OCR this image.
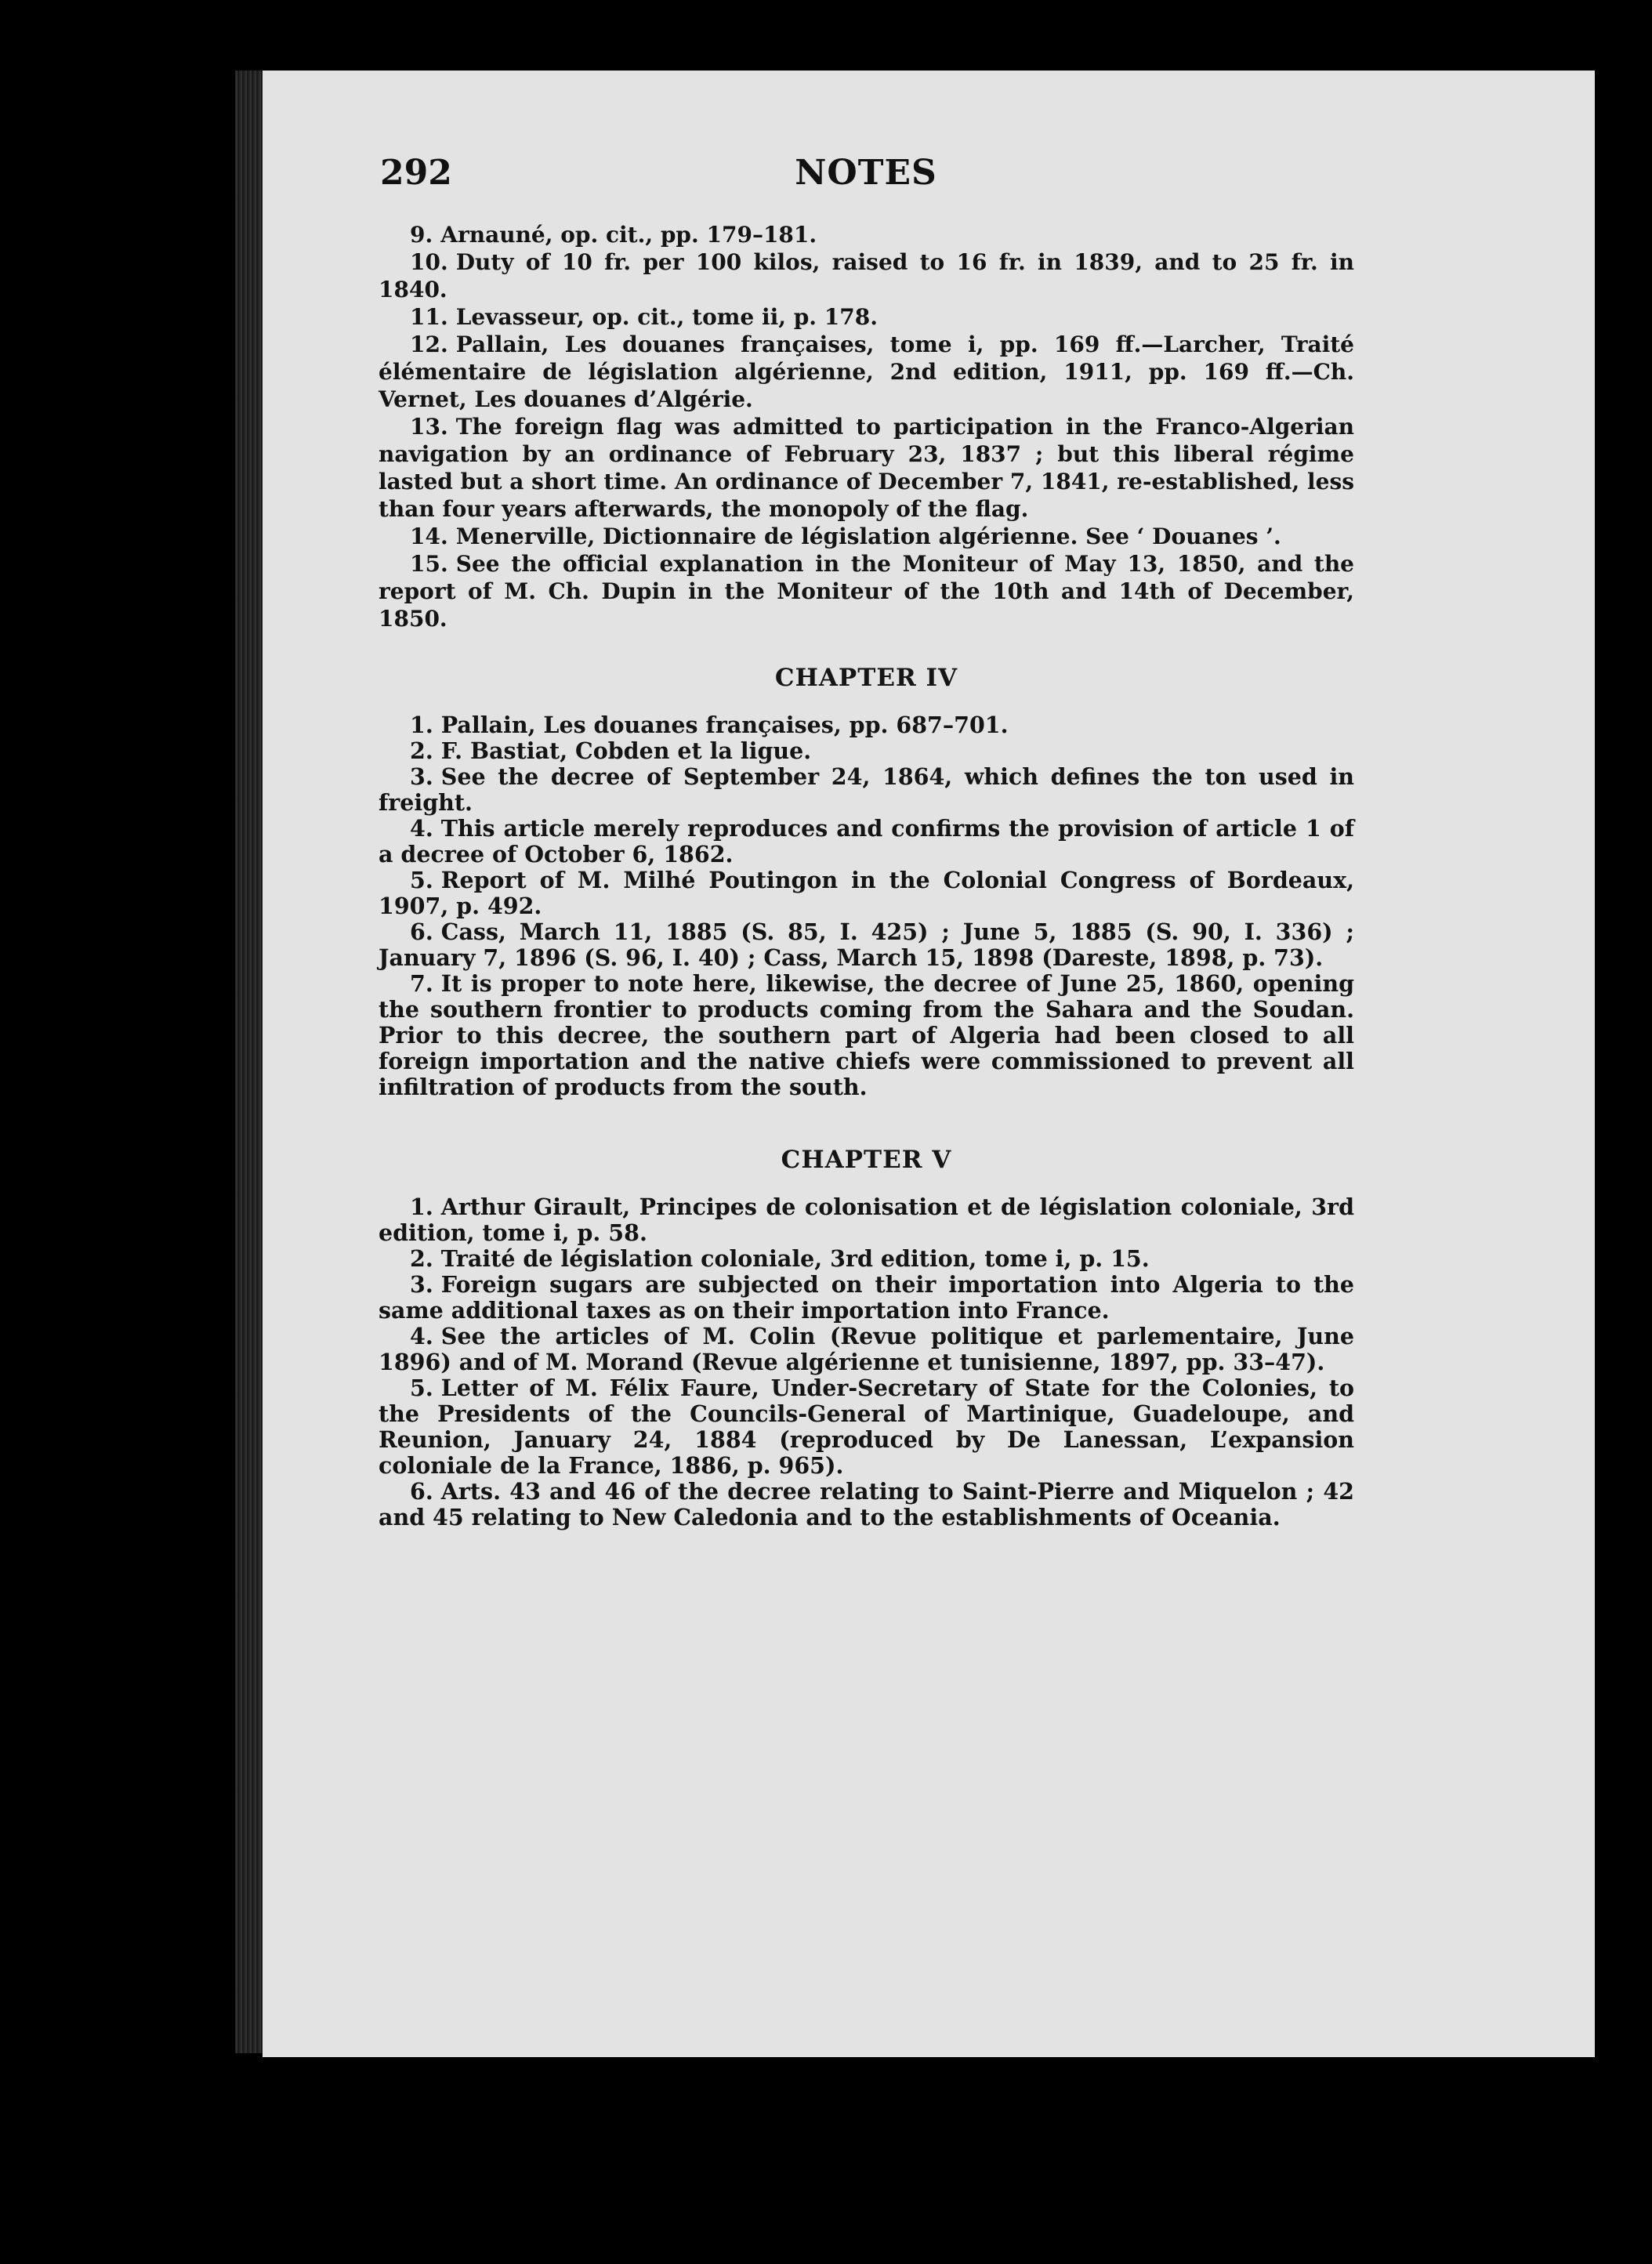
292	NOTES

9. Arnauné, op. cit., pp. 179–181.

10. Duty of 10 fr. per 100 kilos, raised to 16 fr. in 1839, and to 25 fr. in 1840.

11. Levasseur, op. cit., tome ii, p. 178.

12. Pallain, Les douanes françaises, tome i, pp. 169 ff.—Larcher, Traité élémentaire de législation algérienne, 2nd edition, 1911, pp. 169 ff.—Ch. Vernet, Les douanes d’Algérie.

13. The foreign flag was admitted to participation in the Franco-Algerian navigation by an ordinance of February 23, 1837 ; but this liberal régime lasted but a short time. An ordinance of December 7, 1841, re-established, less than four years afterwards, the monopoly of the flag.

14. Menerville, Dictionnaire de législation algérienne. See ‘ Douanes ’.

15. See the official explanation in the Moniteur of May 13, 1850, and the report of M. Ch. Dupin in the Moniteur of the 10th and 14th of December, 1850.

CHAPTER IV

1. Pallain, Les douanes françaises, pp. 687–701.

2. F. Bastiat, Cobden et la ligue.

3. See the decree of September 24, 1864, which defines the ton used in freight.

4. This article merely reproduces and confirms the provision of article 1 of a decree of October 6, 1862.

5. Report of M. Milhé Poutingon in the Colonial Congress of Bordeaux, 1907, p. 492.

6. Cass, March 11, 1885 (S. 85, I. 425) ; June 5, 1885 (S. 90, I. 336) ; January 7, 1896 (S. 96, I. 40) ; Cass, March 15, 1898 (Dareste, 1898, p. 73).

7. It is proper to note here, likewise, the decree of June 25, 1860, opening the southern frontier to products coming from the Sahara and the Soudan. Prior to this decree, the southern part of Algeria had been closed to all foreign importation and the native chiefs were commissioned to prevent all infiltration of products from the south.

CHAPTER V

1. Arthur Girault, Principes de colonisation et de législation coloniale, 3rd edition, tome i, p. 58.

2. Traité de législation coloniale, 3rd edition, tome i, p. 15.

3. Foreign sugars are subjected on their importation into Algeria to the same additional taxes as on their importation into France.

4. See the articles of M. Colin (Revue politique et parlementaire, June 1896) and of M. Morand (Revue algérienne et tunisienne, 1897, pp. 33–47).

5. Letter of M. Félix Faure, Under-Secretary of State for the Colonies, to the Presidents of the Councils-General of Martinique, Guadeloupe, and Reunion, January 24, 1884 (reproduced by De Lanessan, L’expansion coloniale de la France, 1886, p. 965).

6. Arts. 43 and 46 of the decree relating to Saint-Pierre and Miquelon ; 42 and 45 relating to New Caledonia and to the establishments of Oceania.
